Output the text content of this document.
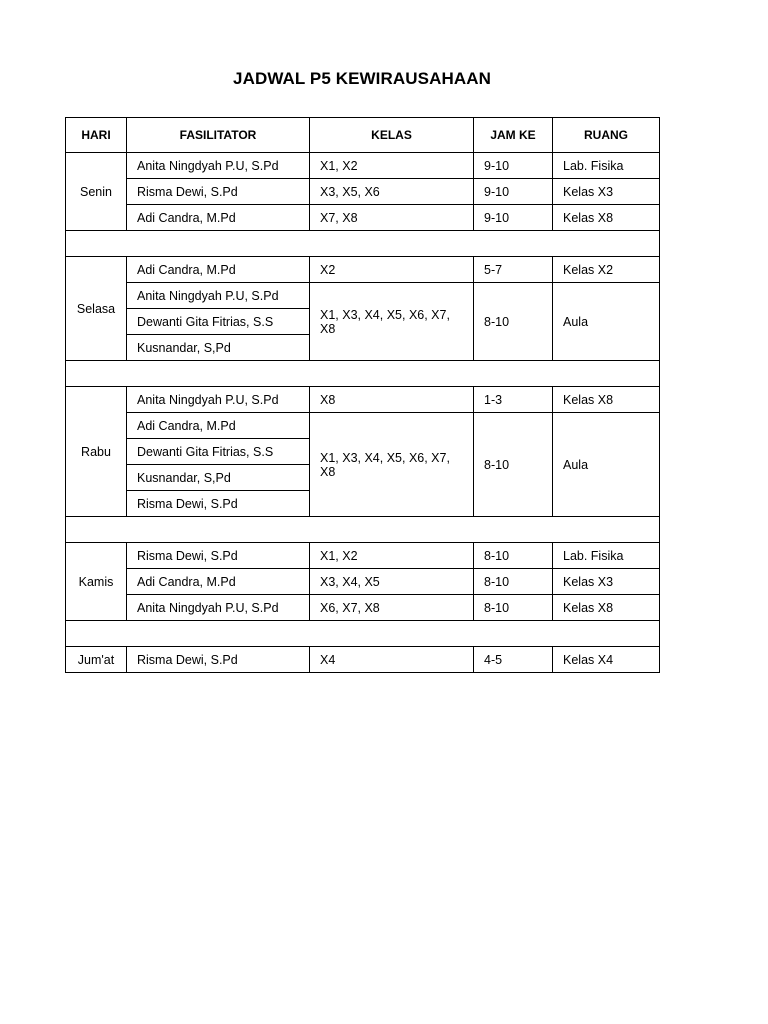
JADWAL P5 KEWIRAUSAHAAN
HARI	FASILITATOR	KELAS	JAM KE	RUANG
Senin	Anita Ningdyah P.U, S.Pd	X1, X2	9-10	Lab. Fisika
	Risma Dewi, S.Pd	X3, X5, X6	9-10	Kelas X3
	Adi Candra, M.Pd	X7, X8	9-10	Kelas X8

Selasa	Adi Candra, M.Pd	X2	5-7	Kelas X2
	Anita Ningdyah P.U, S.Pd	X1, X3, X4, X5, X6, X7, X8	8-10	Aula
	Dewanti Gita Fitrias, S.S			
	Kusnandar, S,Pd			

Rabu	Anita Ningdyah P.U, S.Pd	X8	1-3	Kelas X8
	Adi Candra, M.Pd	X1, X3, X4, X5, X6, X7, X8	8-10	Aula
	Dewanti Gita Fitrias, S.S			
	Kusnandar, S,Pd			
	Risma Dewi, S.Pd			

Kamis	Risma Dewi, S.Pd	X1, X2	8-10	Lab. Fisika
	Adi Candra, M.Pd	X3, X4, X5	8-10	Kelas X3
	Anita Ningdyah P.U, S.Pd	X6, X7, X8	8-10	Kelas X8

Jum'at	Risma Dewi, S.Pd	X4	4-5	Kelas X4
